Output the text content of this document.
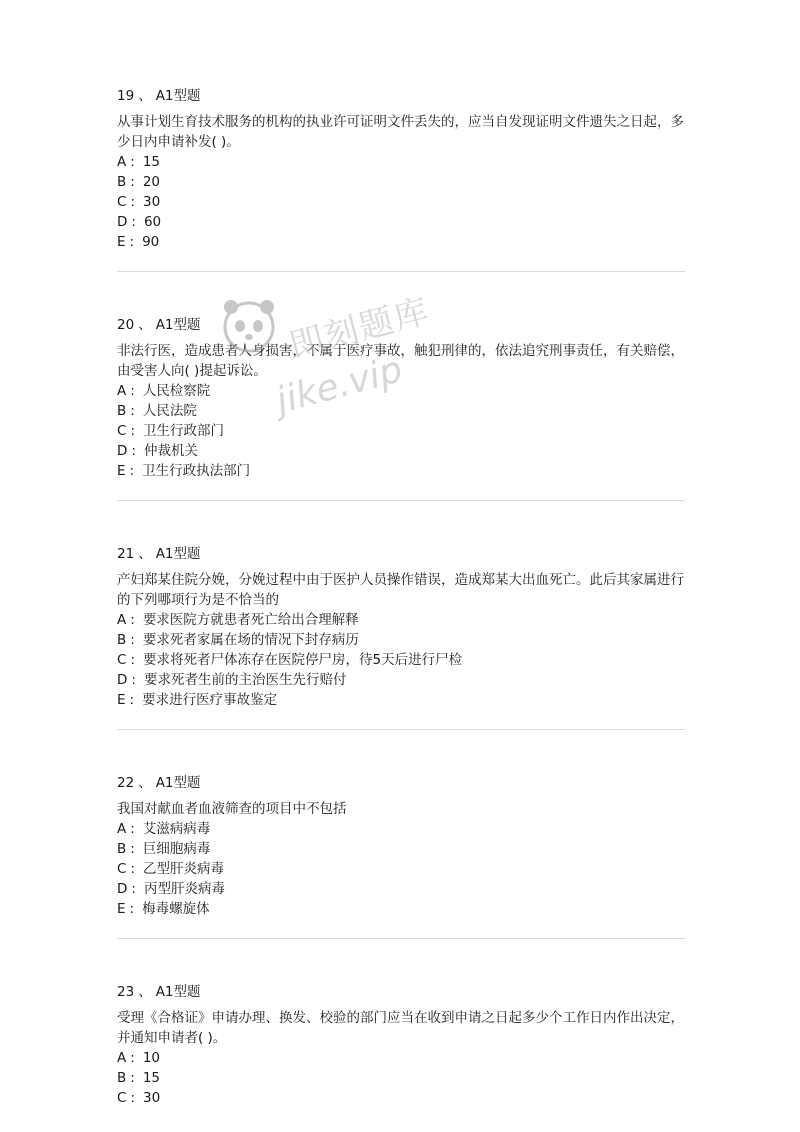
19 、 A1型题

从事计划生育技术服务的机构的执业许可证明文件丢失的，应当自发现证明文件遗失之日起，多少日内申请补发( )。

A : 15
B : 20
C : 30
D : 60
E : 90
20 、 A1型题

非法行医，造成患者人身损害，不属于医疗事故，触犯刑律的，依法追究刑事责任，有关赔偿，由受害人向( )提起诉讼。

A : 人民检察院
B : 人民法院
C : 卫生行政部门
D : 仲裁机关
E : 卫生行政执法部门
21 、 A1型题

产妇郑某住院分娩，分娩过程中由于医护人员操作错误，造成郑某大出血死亡。此后其家属进行的下列哪项行为是不恰当的

A : 要求医院方就患者死亡给出合理解释
B : 要求死者家属在场的情况下封存病历
C : 要求将死者尸体冻存在医院停尸房，待5天后进行尸检
D : 要求死者生前的主治医生先行赔付
E : 要求进行医疗事故鉴定
22 、 A1型题

我国对献血者血液筛查的项目中不包括

A : 艾滋病病毒
B : 巨细胞病毒
C : 乙型肝炎病毒
D : 丙型肝炎病毒
E : 梅毒螺旋体
23 、 A1型题

受理《合格证》申请办理、换发、校验的部门应当在收到申请之日起多少个工作日内作出决定，并通知申请者( )。

A : 10
B : 15
C : 30
即刻题库
jike.vip
